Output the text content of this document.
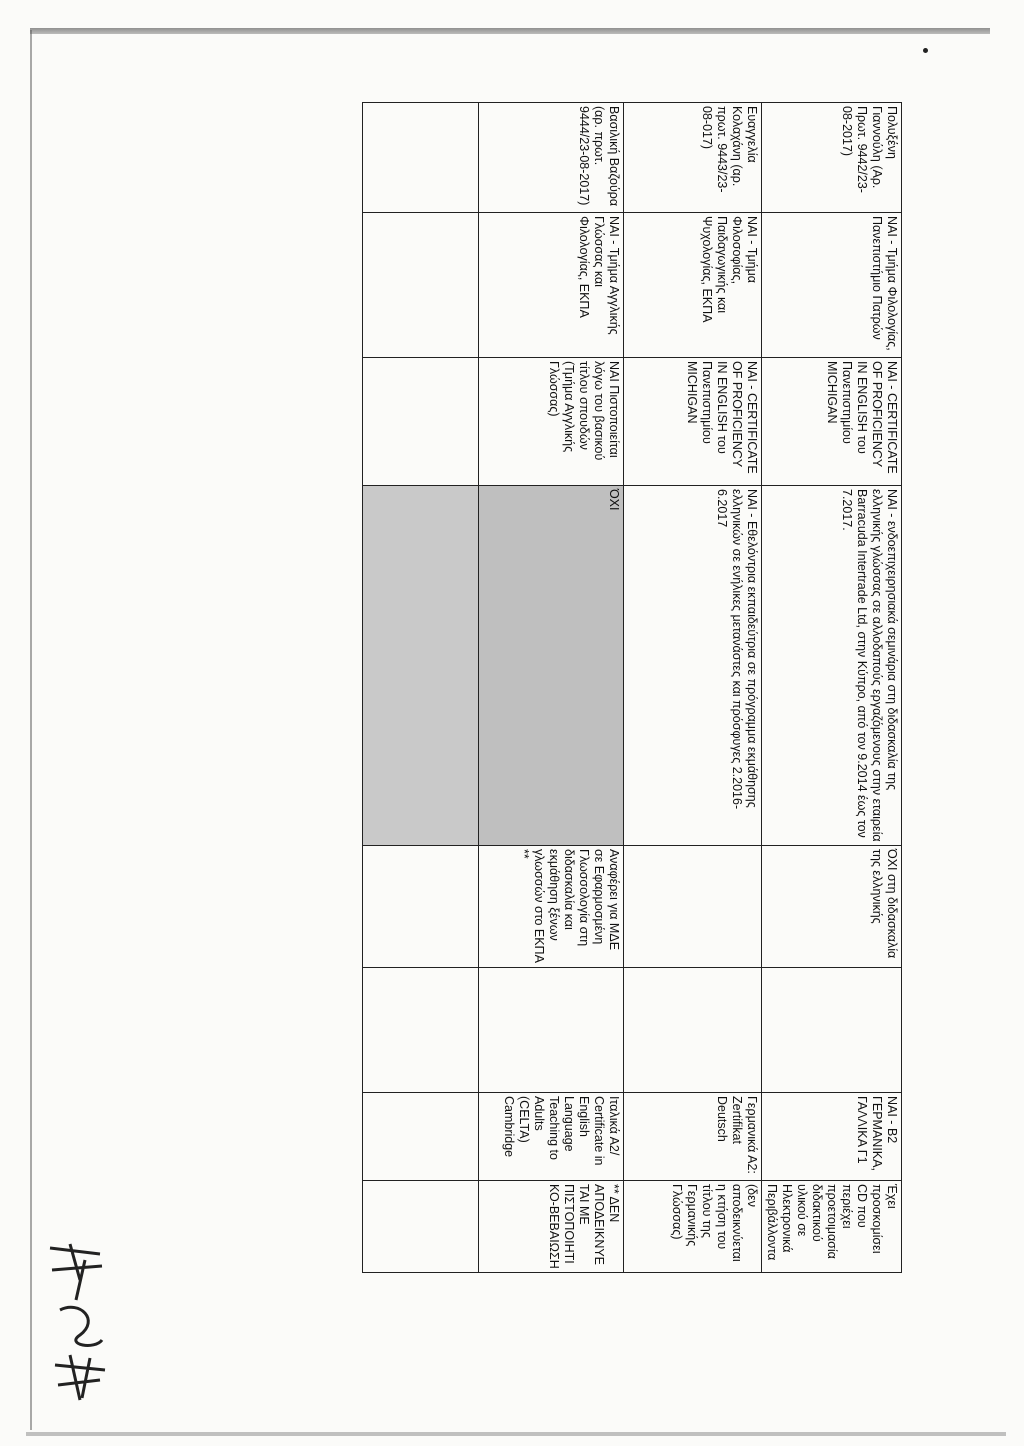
Πολυξένη Γιαννούλη (Αρ. Πρωτ. 9442/23-08-2017)	ΝΑΙ - Τμήμα Φιλολογίας, Πανεπιστήμιο Πατρών	ΝΑΙ - CERTIFICATE OF PROFICIENCY IN ENGLISH του Πανεπιστημίου MICHIGAN	ΝΑΙ - ενδοεπιχειρησιακά σεμινάρια στη διδασκαλία της ελληνικής γλώσσας σε αλλοδαπούς εργαζόμενους στην εταιρεία Barracuda Intertrade Ltd, στην Κύπρο, από τον 9.2014 έως τον 7.2017.	ΌΧΙ στη διδασκαλία της ελληνικής		ΝΑΙ - Β2 ΓΕΡΜΑΝΙΚΑ, ΓΑΛΛΙΚΑ Γ1	Έχει προσκομίσει CD που περιέχει προετοιμασία διδακτικού υλικού σε Ηλεκτρονικά Περιβάλλοντα
Ευαγγελία Κολαχάνη (αρ. πρωτ. 9443/23-08-017)	ΝΑΙ - Τμήμα Φιλοσοφίας, Παιδαγωγικής και Ψυχολογίας, ΕΚΠΑ	ΝΑΙ - CERTIFICATE OF PROFICIENCY IN ENGLISH του Πανεπιστημίου MICHIGAN	ΝΑΙ - Εθελόντρια εκπαιδεύτρια σε πρόγραμμα εκμάθησης ελληνικών σε ενήλικες μετανάστες και πρόσφυγες 2.2016-6.2017			Γερμανικά Α2: Zertifikat Deutsch	(δεν αποδεικνύεται η κτήση του τίτλου της Γερμανικής Γλώσσας)
Βασιλική Βαζούρα (αρ. πρωτ. 9444/23-08-2017)	ΝΑΙ - Τμήμα Αγγλικής Γλώσσας και Φιλολογίας, ΕΚΠΑ	ΝΑΙ Πιστοποιείται λόγω του βασικού τίτλου σπουδών (Τμήμα Αγγλικής Γλώσσας)	ΌΧΙ	Αναφέρει για ΜΔΕ σε Εφαρμοσμένη Γλωσσολογία στη διδασκαλία και εκμάθηση ξένων γλωσσών στο ΕΚΠΑ **		Ιταλικά Α2/ Certificate in English Language Teaching to Adults (CELTA) Cambridge	** ΔΕΝ ΑΠΟΔΕΙΚΝΥΕΤΑΙ ΜΕ ΠΙΣΤΟΠΟΙΗΤΙΚΟ-ΒΕΒΑΙΩΣΗ
